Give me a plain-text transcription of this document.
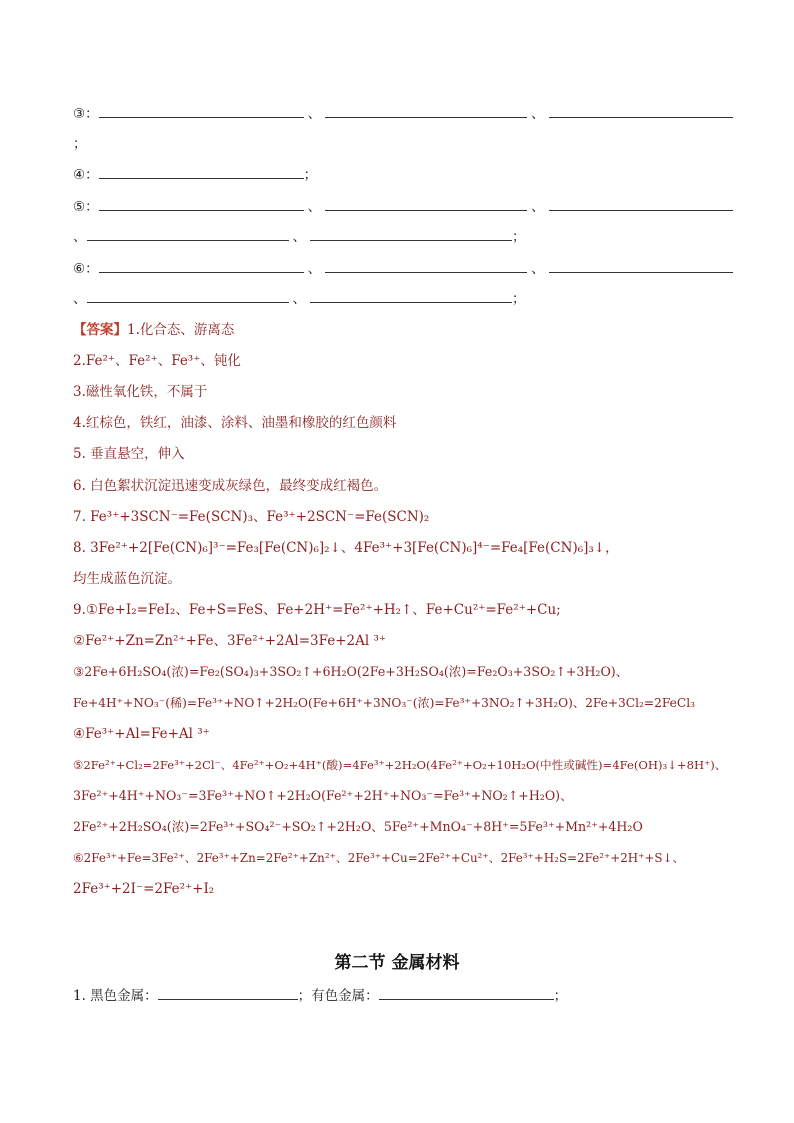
③：	、	、
；
④：	；
⑤：	、	、
、	、	；
⑥：	、	、
、	、	；
【答案】1.化合态、游离态
2.Fe²⁺、Fe²⁺、Fe³⁺、钝化
3.磁性氧化铁，不属于
4.红棕色，铁红，油漆、涂料、油墨和橡胶的红色颜料
5. 垂直悬空，伸入
6. 白色絮状沉淀迅速变成灰绿色，最终变成红褐色。
7. Fe³⁺+3SCN⁻=Fe(SCN)₃、Fe³⁺+2SCN⁻=Fe(SCN)₂
8. 3Fe²⁺+2[Fe(CN)₆]³⁻=Fe₃[Fe(CN)₆]₂↓、4Fe³⁺+3[Fe(CN)₆]⁴⁻=Fe₄[Fe(CN)₆]₃↓，
均生成蓝色沉淀。
9.①Fe+I₂=FeI₂、Fe+S=FeS、Fe+2H⁺=Fe²⁺+H₂↑、Fe+Cu²⁺=Fe²⁺+Cu;
②Fe²⁺+Zn=Zn²⁺+Fe、3Fe²⁺+2Al=3Fe+2Al ³⁺
③2Fe+6H₂SO₄(浓)=Fe₂(SO₄)₃+3SO₂↑+6H₂O(2Fe+3H₂SO₄(浓)=Fe₂O₃+3SO₂↑+3H₂O)、
Fe+4H⁺+NO₃⁻(稀)=Fe³⁺+NO↑+2H₂O(Fe+6H⁺+3NO₃⁻(浓)=Fe³⁺+3NO₂↑+3H₂O)、2Fe+3Cl₂=2FeCl₃
④Fe³⁺+Al=Fe+Al ³⁺
⑤2Fe²⁺+Cl₂=2Fe³⁺+2Cl⁻、4Fe²⁺+O₂+4H⁺(酸)=4Fe³⁺+2H₂O(4Fe²⁺+O₂+10H₂O(中性或碱性)=4Fe(OH)₃↓+8H⁺)、
3Fe²⁺+4H⁺+NO₃⁻=3Fe³⁺+NO↑+2H₂O(Fe²⁺+2H⁺+NO₃⁻=Fe³⁺+NO₂↑+H₂O)、
2Fe²⁺+2H₂SO₄(浓)=2Fe³⁺+SO₄²⁻+SO₂↑+2H₂O、5Fe²⁺+MnO₄⁻+8H⁺=5Fe³⁺+Mn²⁺+4H₂O
⑥2Fe³⁺+Fe=3Fe²⁺、2Fe³⁺+Zn=2Fe²⁺+Zn²⁺、2Fe³⁺+Cu=2Fe²⁺+Cu²⁺、2Fe³⁺+H₂S=2Fe²⁺+2H⁺+S↓、
2Fe³⁺+2I⁻=2Fe²⁺+I₂
第二节 金属材料
1. 黑色金属：	；有色金属：	；
